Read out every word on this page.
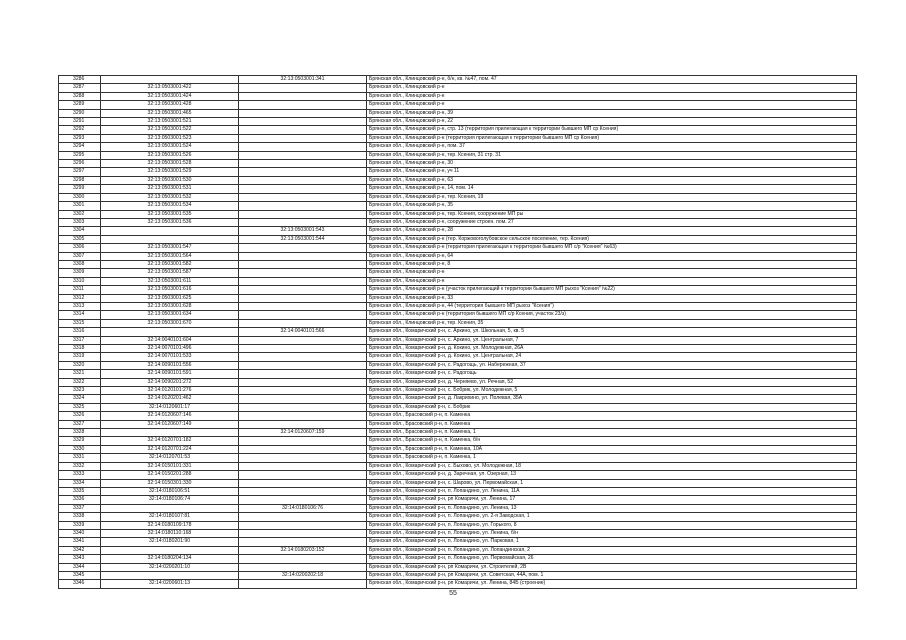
3286		32:13:0503001:341	Брянская обл., Клинцовский р-н, б/н, кв. №47, пом. 47
3287	32:13:0503001:422		Брянская обл., Клинцовский р-н
3288	32:13:0503001:424		Брянская обл., Клинцовский р-н
3289	32:13:0503001:428		Брянская обл., Клинцовский р-н
3290	32:13:0503001:465		Брянская обл., Клинцовский р-н, 39
3291	32:13:0503001:521		Брянская обл., Клинцовский р-н, 22
3292	32:13:0503001:522		Брянская обл., Клинцовский р-н, стр. 13 (территория прилегающая к территории бывшего МП ср Ксения)
3293	32:13:0503001:523		Брянская обл., Клинцовский р-н (территория прилегающая к территории бывшего МП ср Ксения)
3294	32:13:0503001:524		Брянская обл., Клинцовский р-н, пом. 37
3295	32:13:0503001:526		Брянская обл., Клинцовский р-н, тер. Ксения, 31 стр. 31
3296	32:13:0503001:528		Брянская обл., Клинцовский р-н, 30
3297	32:13:0503001:529		Брянская обл., Клинцовский р-н, уч 11
3298	32:13:0503001:530		Брянская обл., Клинцовский р-н, 63
3299	32:13:0503001:531		Брянская обл., Клинцовский р-н, 14, пом. 14
3300	32:13:0503001:532		Брянская обл., Клинцовский р-н, тер. Ксения, 19
3301	32:13:0503001:534		Брянская обл., Клинцовский р-н, 35
3302	32:13:0503001:535		Брянская обл., Клинцовский р-н, тер. Ксения, сооружение МП ры
3303	32:13:0503001:536		Брянская обл., Клинцовский р-н, сооружение строен. пом. 27
3304		32:13:0503001:543	Брянская обл., Клинцовский р-н, 28
3305		32:13:0503001:544	Брянская обл., Клинцовский р-н (тер. Коржовоголубовское сельское поселение, тер. Ксения)
3306	32:13:0503001:547		Брянская обл., Клинцовский р-н (территория прилегающая к территории бывшего МП с/р "Ксения" №63)
3307	32:13:0503001:564		Брянская обл., Клинцовский р-н, 64
3308	32:13:0503001:582		Брянская обл., Клинцовский р-н, 8
3309	32:13:0503001:587		Брянская обл., Клинцовский р-н
3310	32:13:0503001:611		Брянская обл., Клинцовский р-н
3311	32:13:0503001:616		Брянская обл., Клинцовский р-н (участок прилегающий к территории бывшего МП рыхоз "Ксения" №22)
3312	32:13:0503001:625		Брянская обл., Клинцовский р-н, 33
3313	32:13:0503001:628		Брянская обл., Клинцовский р-н, 44 (территория бывшего МП рыхоз "Ксения")
3314	32:13:0503001:634		Брянская обл., Клинцовский р-н (территория бывшего МП с/р Ксения, участок 23/з)
3315	32:13:0503001:670		Брянская обл., Клинцовский р-н, тер. Ксения, 35
3316		32:14:0040101:566	Брянская обл., Комаричский р-н, с. Аркино, ул. Школьная, 5, кв. 5
3317	32:14:0040101:604		Брянская обл., Комаричский р-н, с. Аркино, ул. Центральная, 7
3318	32:14:0070101:496		Брянская обл., Комаричский р-н, д. Кокино, ул. Молодежная, 26А
3319	32:14:0070101:533		Брянская обл., Комаричский р-н, д. Кокино, ул. Центральная, 24
3320	32:14:0090101:556		Брянская обл., Комаричский р-н, с. Радогощь, ул. Набережная, 37
3321	32:14:0090101:591		Брянская обл., Комаричский р-н, с. Радогощь
3322	32:14:0090201:272		Брянская обл., Комаричский р-н, д. Черняево, ул. Речная, 52
3323	32:14:0120101:276		Брянская обл., Комаричский р-н, с. Бобрик, ул. Молодежная, 5
3324	32:14:0120201:462		Брянская обл., Комаричский р-н, д. Лакрихино, ул. Полевая, 35А
3325	32:14:0120601:17		Брянская обл., Комаричский р-н, с. Бобрик
3326	32:14:0120607:146		Брянская обл., Брасовский р-н, п. Каменка
3327	32:14:0120607:149		Брянская обл., Брасовский р-н, п. Каменка
3328		32:14:0120607:159	Брянская обл., Брасовский р-н, п. Каменка, 1
3329	32:14:0120701:182		Брянская обл., Брасовский р-н, п. Каменка, б/н
3330	32:14:0120701:224		Брянская обл., Брасовский р-н, п. Каменка, 10А
3331	32:14:0120701:53		Брянская обл., Брасовский р-н, п. Каменка, 1
3332	32:14:0150101:331		Брянская обл., Комаричский р-н, с. Быхово, ул. Молодежная, 18
3333	32:14:0150201:288		Брянская обл., Комаричский р-н, д. Заречная, ул. Озерная, 13
3334	32:14:0150301:330		Брянская обл., Комаричский р-н, с. Шарово, ул. Первомайская, 1
3335	32:14:0180106:51		Брянская обл., Комаричский р-н, п. Лопандино, ул. Ленина, 11А
3336	32:14:0180106:74		Брянская обл., Комаричский р-н, рп Комаричи, ул. Ленина, 17
3337		32:14:0180106:76	Брянская обл., Комаричский р-н, п. Лопандино, ул. Ленина, 13
3338	32:14:0180107:81		Брянская обл., Комаричский р-н, п. Лопандино, ул. 2-я Заводская, 1
3339	32:14:0180109:178		Брянская обл., Комаричский р-н, п. Лопандино, ул. Горького, 8
3340	32:14:0180110:168		Брянская обл., Комаричский р-н, п. Лопандино, ул. Ленина, б/н
3341	32:14:0180201:90		Брянская обл., Комаричский р-н, п. Лопандино, ул. Парковая, 1
3342		32:14:0180203:152	Брянская обл., Комаричский р-н, п. Лопандино, ул. Лопандинская, 2
3343	32:14:0180204:134		Брянская обл., Комаричский р-н, п. Лопандино, ул. Первомайская, 26
3344	32:14:0200201:10		Брянская обл., Комаричский р-н, рп Комаричи, ул. Строителей, 2В
3345		32:14:0200202:18	Брянская обл., Комаричский р-н, рп Комаричи, ул. Советская, 44А, пом. 1
3346	32:14:0200601:13		Брянская обл., Комаричский р-н, рп Комаричи, ул. Ленина, 84Б (строение)
55
